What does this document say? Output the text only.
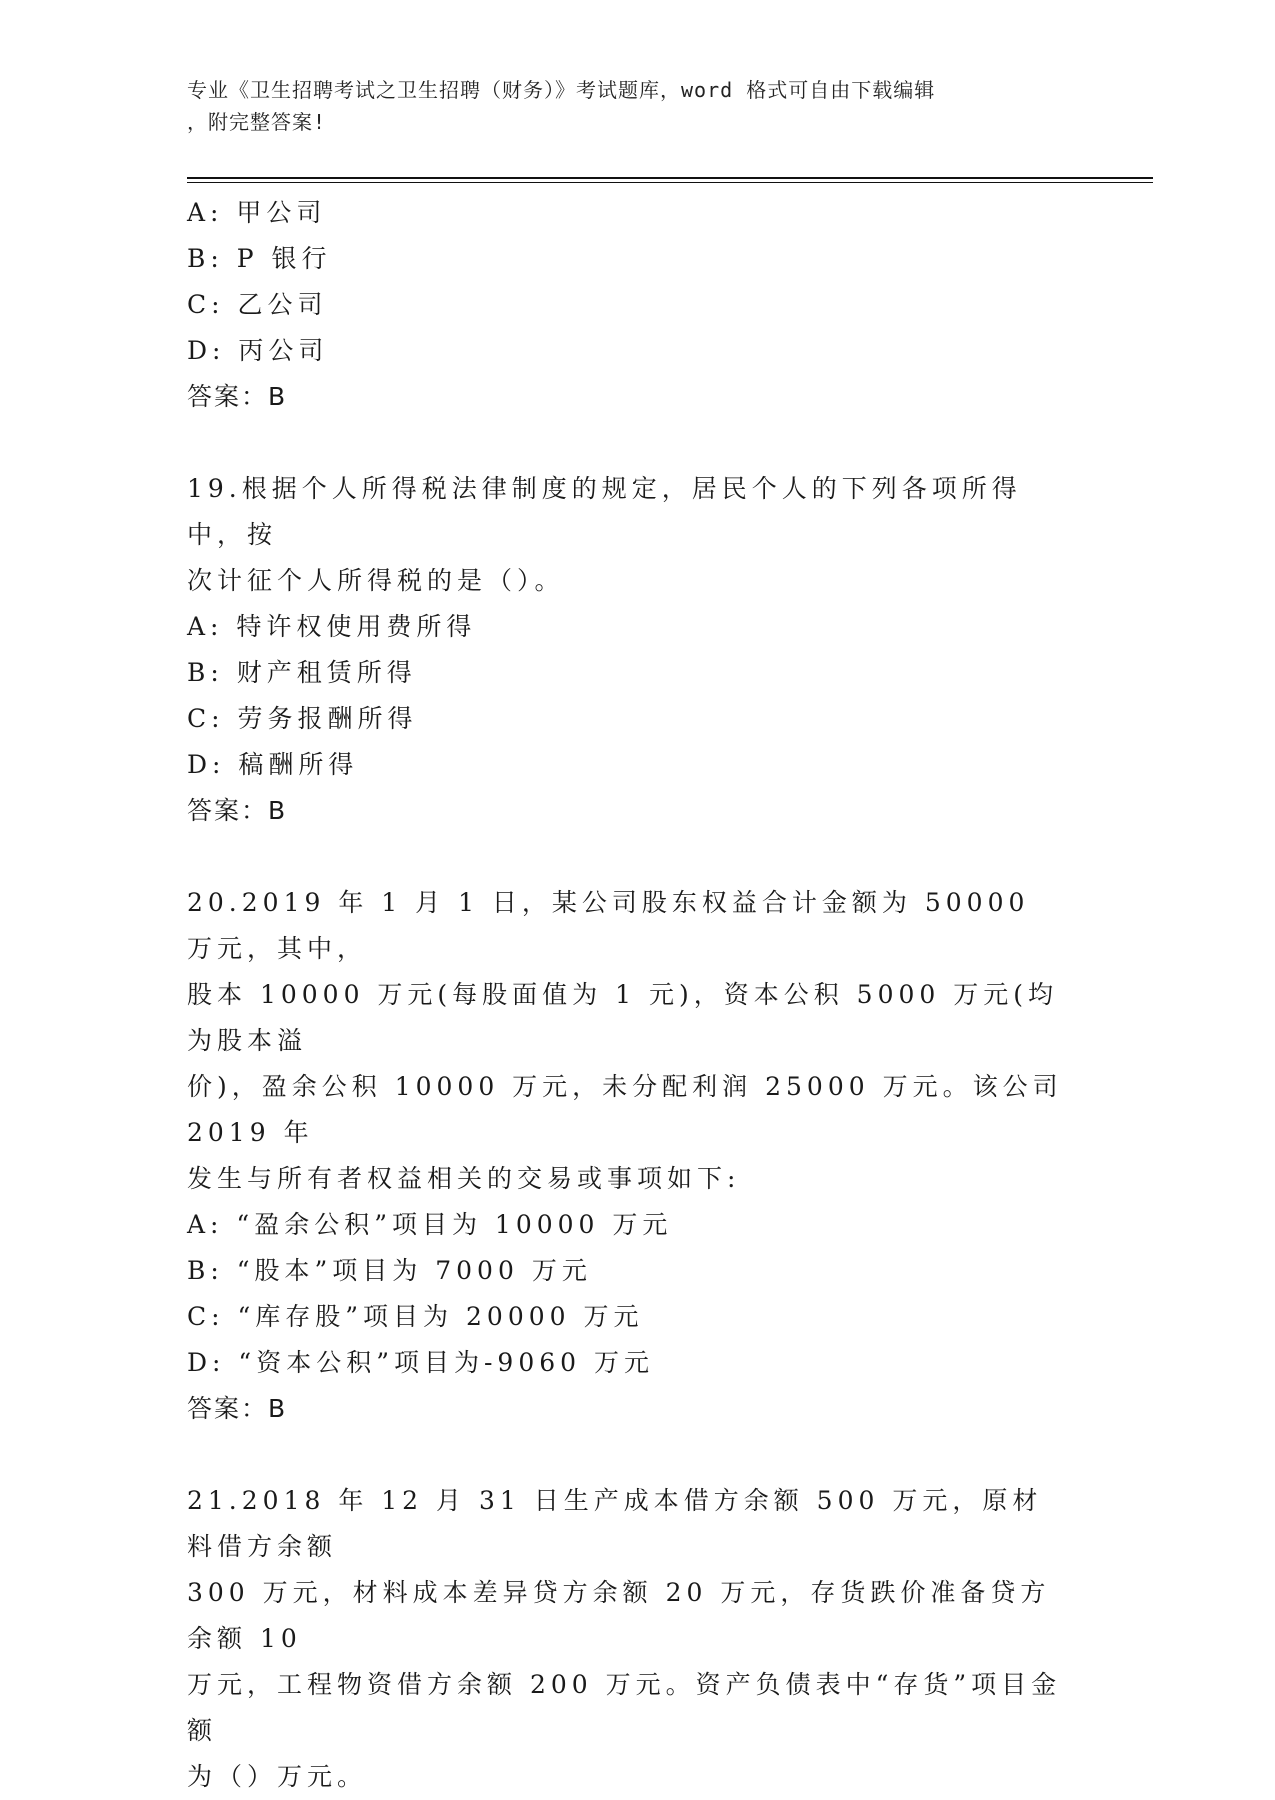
专业《卫生招聘考试之卫生招聘（财务）》考试题库，word 格式可自由下载编辑
，附完整答案!
A: 甲公司
B: P 银行
C: 乙公司
D: 丙公司
答案：B
19.根据个人所得税法律制度的规定，居民个人的下列各项所得中，按
次计征个人所得税的是（）。
A: 特许权使用费所得
B: 财产租赁所得
C: 劳务报酬所得
D: 稿酬所得
答案：B
20.2019 年 1 月 1 日，某公司股东权益合计金额为 50000 万元，其中，
股本 10000 万元(每股面值为 1 元)，资本公积 5000 万元(均为股本溢
价)，盈余公积 10000 万元，未分配利润 25000 万元。该公司 2019 年
发生与所有者权益相关的交易或事项如下:
A: “盈余公积”项目为 10000 万元
B: “股本”项目为 7000 万元
C: “库存股”项目为 20000 万元
D: “资本公积”项目为-9060 万元
答案：B
21.2018 年 12 月 31 日生产成本借方余额 500 万元，原材料借方余额
300 万元，材料成本差异贷方余额 20 万元，存货跌价准备贷方余额 10
万元，工程物资借方余额 200 万元。资产负债表中“存货”项目金额
为（）万元。
